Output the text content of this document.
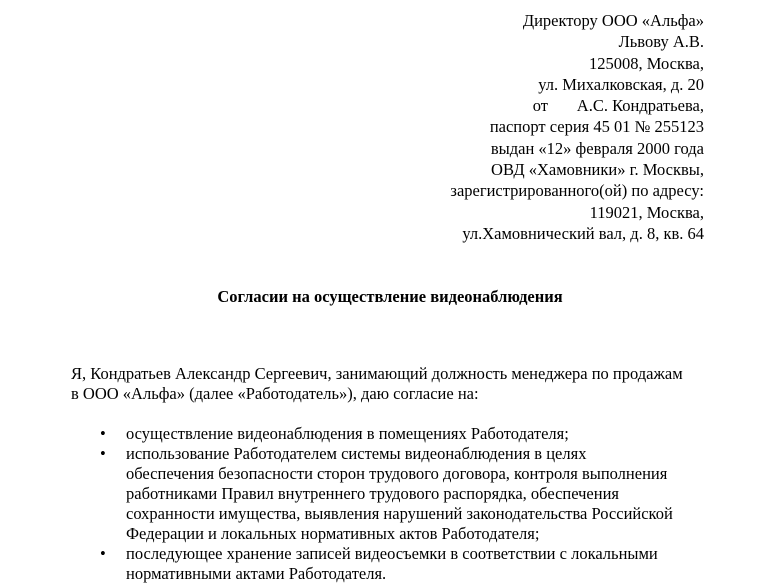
Директору ООО «Альфа»
Львову А.В.
125008, Москва,
ул. Михалковская, д. 20
от       А.С. Кондратьева,
паспорт серия 45 01 № 255123
выдан «12» февраля 2000 года
ОВД «Хамовники» г. Москвы,
зарегистрированного(ой) по адресу:
119021, Москва,
ул.Хамовнический вал, д. 8, кв. 64
Согласии на осуществление видеонаблюдения
Я, Кондратьев Александр Сергеевич, занимающий должность менеджера по продажам
в ООО «Альфа» (далее «Работодатель»), даю согласие на:
•	осуществление видеонаблюдения в помещениях Работодателя;
•	использование Работодателем системы видеонаблюдения в целях
обеспечения безопасности сторон трудового договора, контроля выполнения
работниками Правил внутреннего трудового распорядка, обеспечения
сохранности имущества, выявления нарушений законодательства Российской
Федерации и локальных нормативных актов Работодателя;
•	последующее хранение записей видеосъемки в соответствии с локальными
нормативными актами Работодателя.
